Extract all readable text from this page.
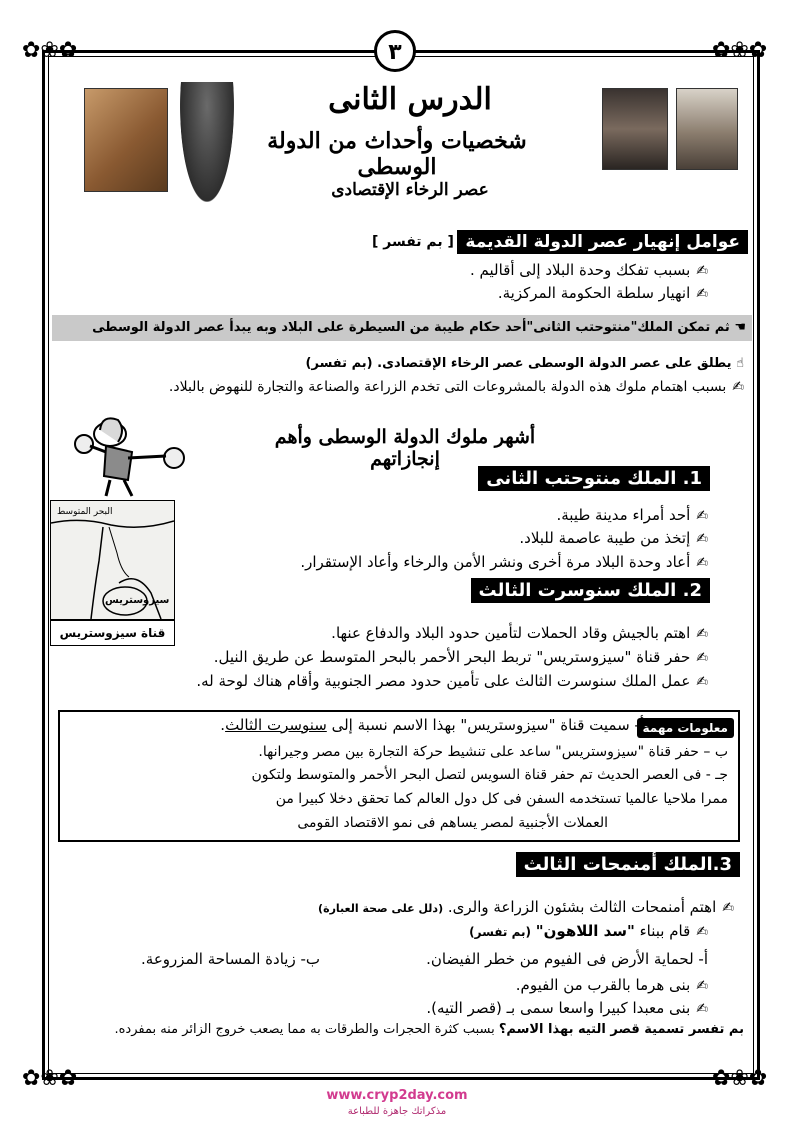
✿❀✿	✿❀✿
✿❀✿	✿❀✿
٣
الدرس الثانى
شخصيات وأحداث من الدولة الوسطى
عصر الرخاء الإقتصادى
عوامل إنهيار عصر الدولة القديمة
[ بم تفسر ]
✍بسبب تفكك وحدة البلاد إلى أقاليم .
✍انهيار سلطة الحكومة المركزية.
☚ ثم تمكن الملك"منتوحتب الثانى"أحد حكام طيبة من السيطرة على البلاد وبه يبدأ عصر الدولة الوسطى
☝ يطلق على عصر الدولة الوسطى عصر الرخاء الإقتصادى. (بم تفسر)
✍بسبب اهتمام ملوك هذه الدولة بالمشروعات التى تخدم الزراعة والصناعة والتجارة للنهوض بالبلاد.
أشهر ملوك الدولة الوسطى وأهم إنجازاتهم
1. الملك منتوحتب الثانى
✍أحد أمراء مدينة طيبة.
✍إتخذ من طيبة عاصمة للبلاد.
✍أعاد وحدة البلاد مرة أخرى ونشر الأمن والرخاء وأعاد الإستقرار.
البحر المتوسط
سيزوستريس
قناة سيزوستريس
2. الملك سنوسرت الثالث
✍اهتم بالجيش وقاد الحملات لتأمين حدود البلاد والدفاع عنها.
✍حفر قناة "سيزوستريس" تربط البحر الأحمر بالبحر المتوسط عن طريق النيل.
✍عمل الملك سنوسرت الثالث على تأمين حدود مصر الجنوبية وأقام هناك لوحة له.
معلومات مهمة
أ- سميت قناة "سيزوستريس" بهذا الاسم نسبة إلى سنوسرت الثالث.
ب – حفر قناة "سيزوستريس" ساعد على تنشيط حركة التجارة بين مصر وجيرانها.
جـ - فى العصر الحديث تم حفر قناة السويس لتصل البحر الأحمر والمتوسط ولتكون
ممرا ملاحيا عالميا تستخدمه السفن فى كل دول العالم كما تحقق دخلا كبيرا من
العملات الأجنبية لمصر يساهم فى نمو الاقتصاد القومى
3.الملك أمنمحات الثالث
✍اهتم أمنمحات الثالث بشئون الزراعة والرى. (دلل على صحة العبارة)
✍قام ببناء "سد اللاهون" (بم تفسر)
أ- لحماية الأرض فى الفيوم من خطر الفيضان.
ب- زيادة المساحة المزروعة.
✍بنى هرما بالقرب من الفيوم.
✍بنى معبدا كبيرا واسعا سمى بـ (قصر التيه).
بم تفسر تسمية قصر التيه بهذا الاسم؟ بسبب كثرة الحجرات والطرقات به مما يصعب خروج الزائر منه بمفرده.
www.cryp2day.com
مذكراتك جاهزة للطباعة
